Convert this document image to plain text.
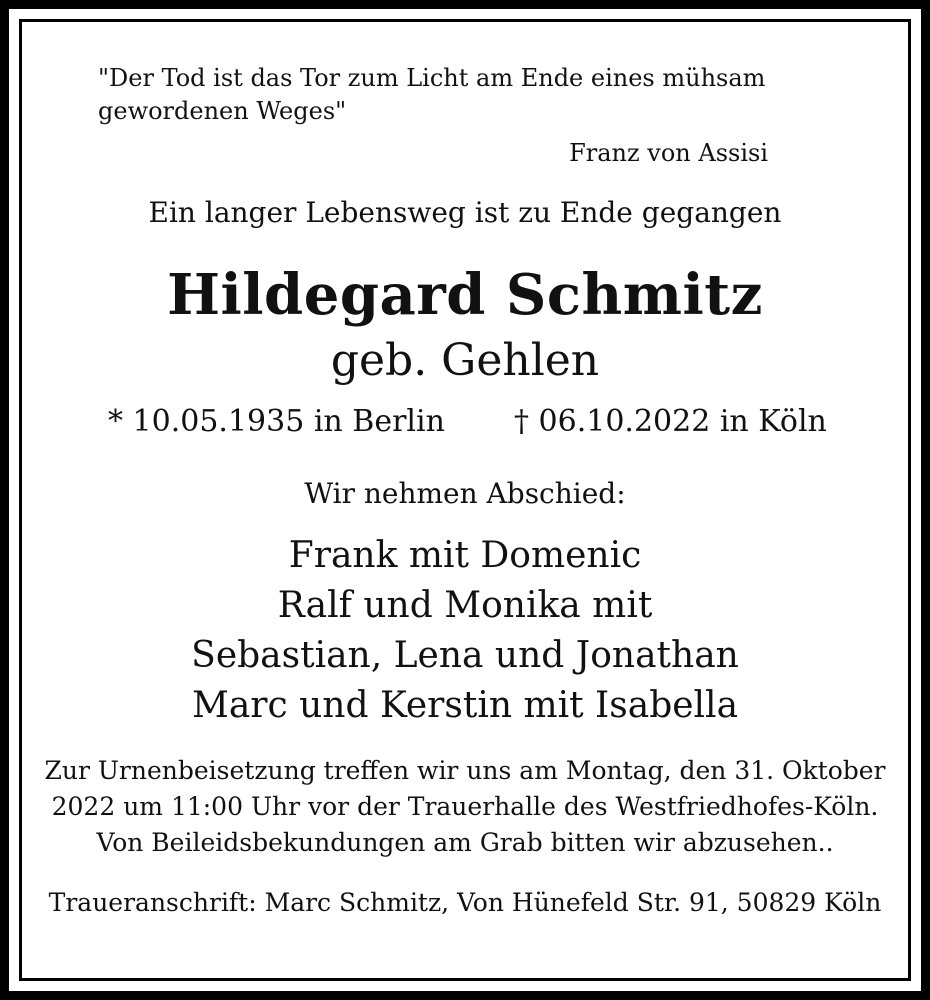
"Der Tod ist das Tor zum Licht am Ende eines mühsam gewordenen Weges"
Franz von Assisi
Ein langer Lebensweg ist zu Ende gegangen
Hildegard Schmitz
geb. Gehlen
* 10.05.1935 in Berlin † 06.10.2022 in Köln
Wir nehmen Abschied:
Frank mit Domenic
Ralf und Monika mit
Sebastian, Lena und Jonathan
Marc und Kerstin mit Isabella
Zur Urnenbeisetzung treffen wir uns am Montag, den 31. Oktober
2022 um 11:00 Uhr vor der Trauerhalle des Westfriedhofes-Köln.
Von Beileidsbekundungen am Grab bitten wir abzusehen..
Traueranschrift: Marc Schmitz, Von Hünefeld Str. 91, 50829 Köln
